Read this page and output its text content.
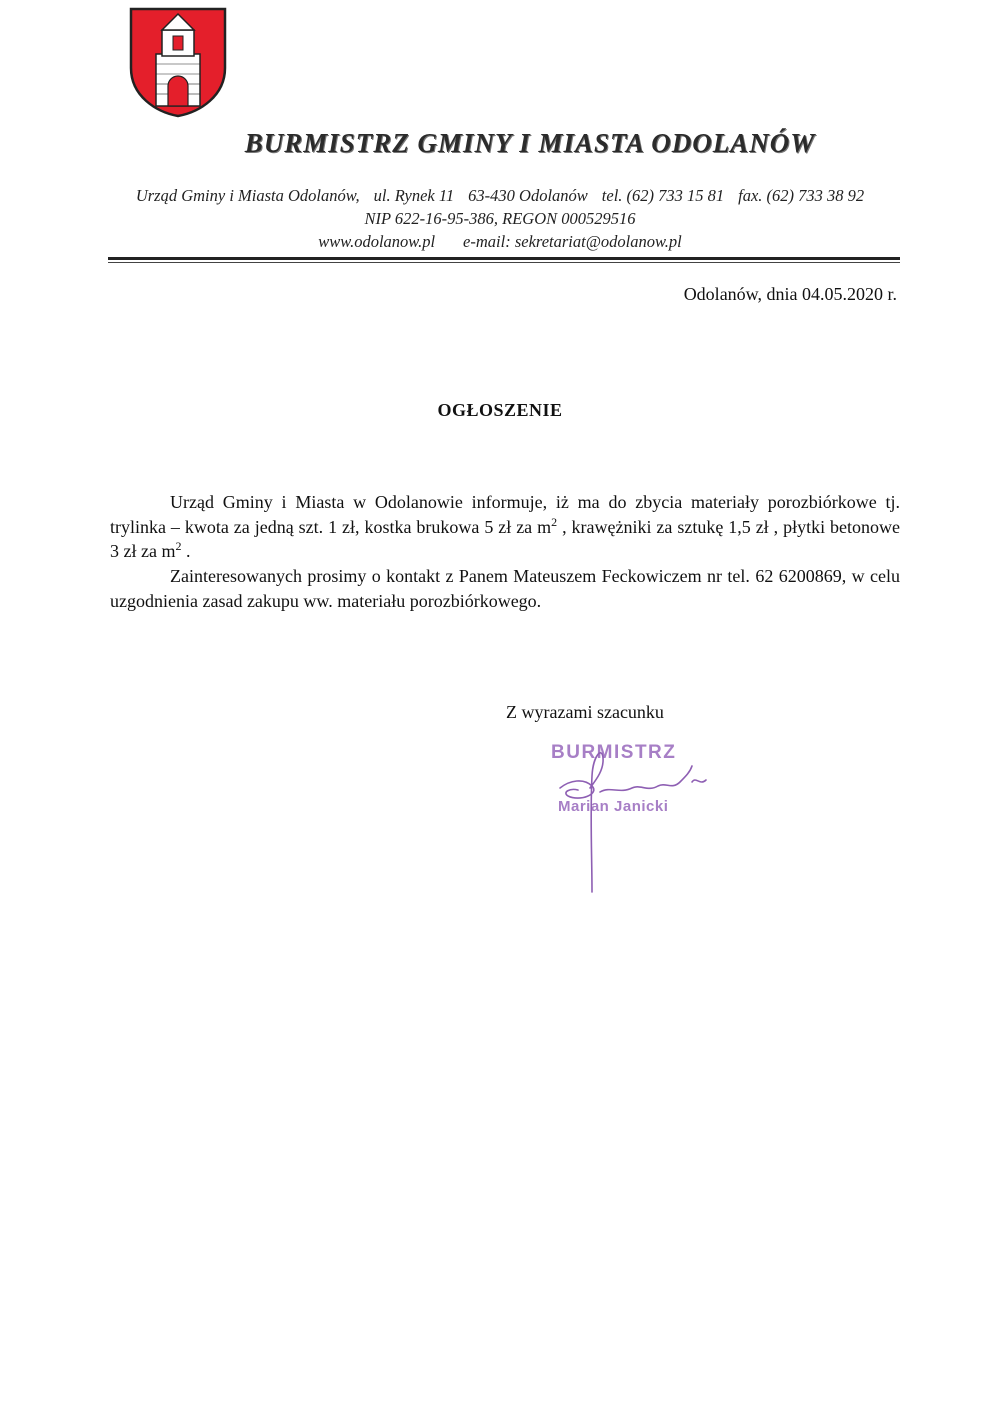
BURMISTRZ GMINY I MIASTA ODOLANÓW
Urząd Gminy i Miasta Odolanów, ul. Rynek 11 63-430 Odolanów tel. (62) 733 15 81 fax. (62) 733 38 92
NIP 622-16-95-386, REGON 000529516
www.odolanow.pl e-mail: sekretariat@odolanow.pl
Odolanów, dnia 04.05.2020 r.
OGŁOSZENIE

Urząd Gminy i Miasta w Odolanowie informuje, iż ma do zbycia materiały porozbiórkowe tj. trylinka – kwota za jedną szt. 1 zł, kostka brukowa 5 zł za $m^2$ , krawężniki za sztukę 1,5 zł , płytki betonowe 3 zł za $m^2$ .

Zainteresowanych prosimy o kontakt z Panem Mateuszem Feckowiczem nr tel. 62 6200869, w celu uzgodnienia zasad zakupu ww. materiału porozbiórkowego.

Z wyrazami szacunku
BURMISTRZ
Marian Janicki
